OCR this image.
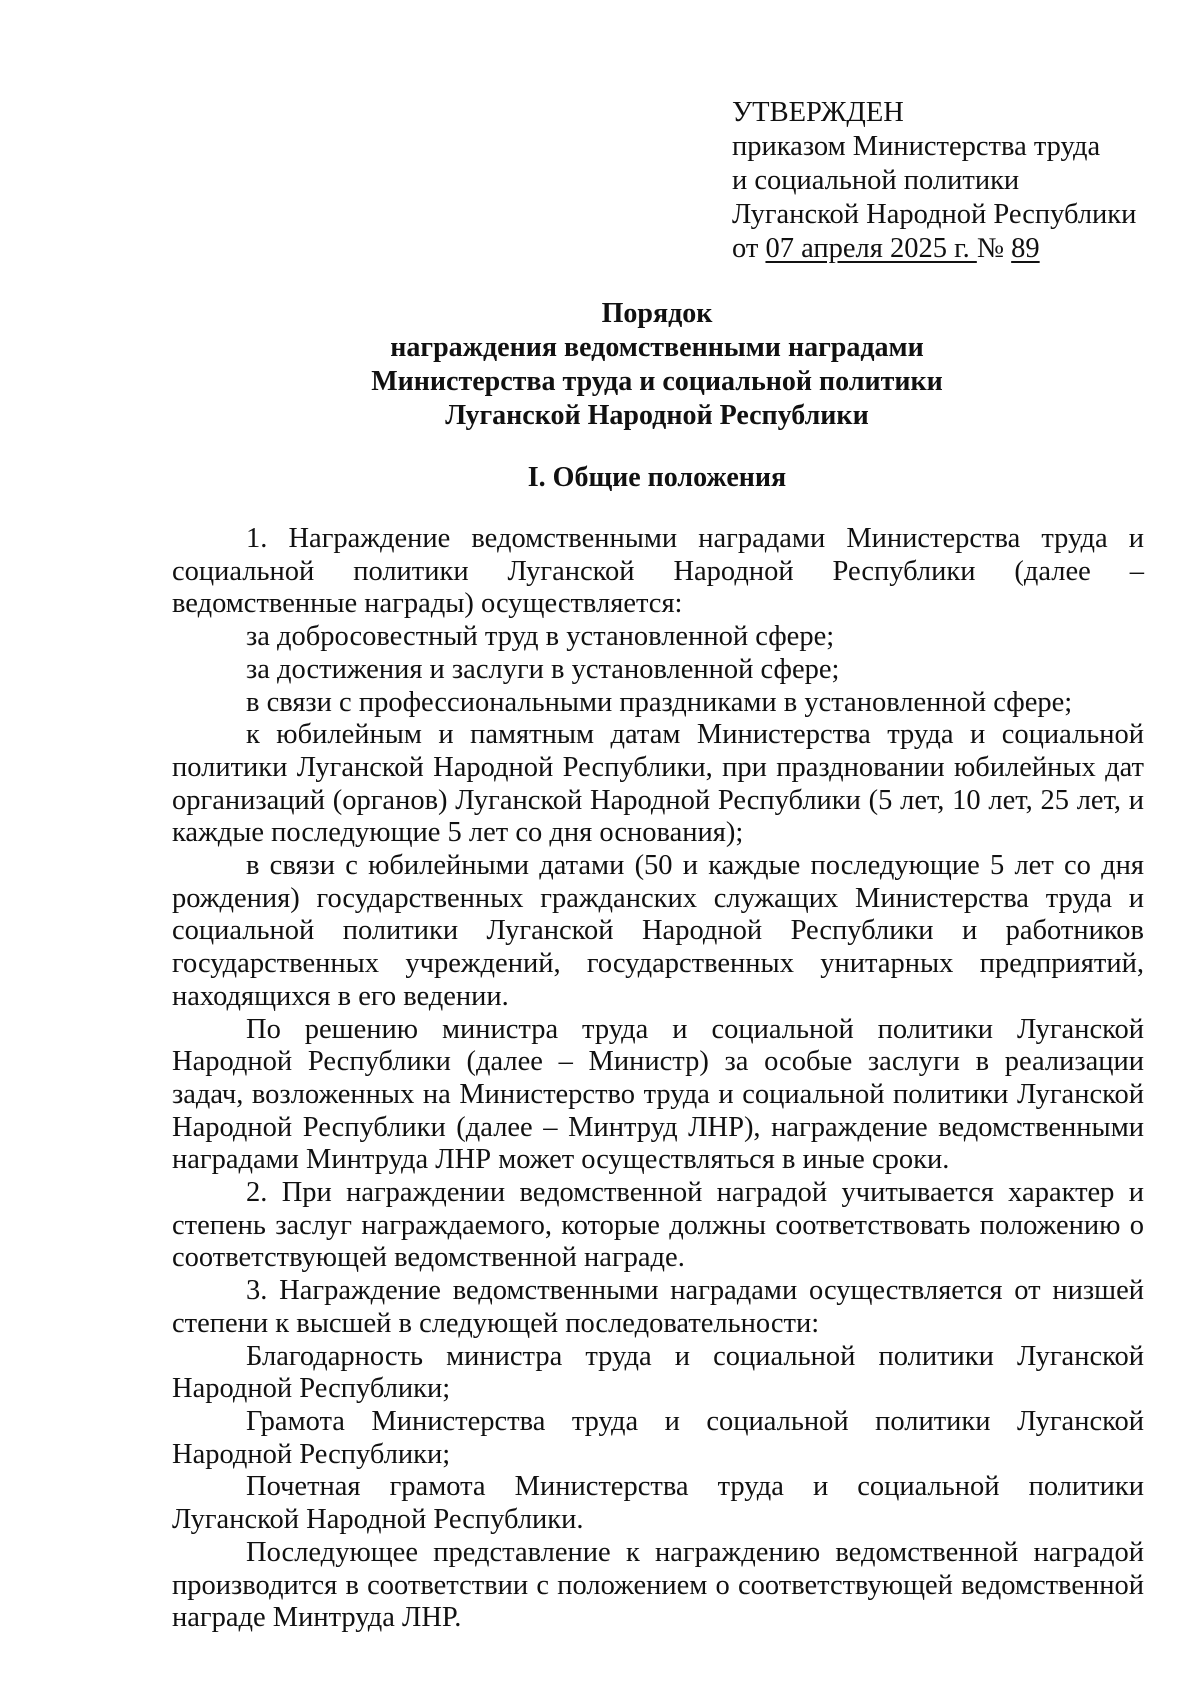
УТВЕРЖДЕН
приказом Министерства труда
и социальной политики
Луганской Народной Республики
от 07 апреля 2025 г. № 89
Порядок
награждения ведомственными наградами
Министерства труда и социальной политики
Луганской Народной Республики
I. Общие положения

1. Награждение ведомственными наградами Министерства труда и социальной политики Луганской Народной Республики (далее – ведомственные награды) осуществляется:

за добросовестный труд в установленной сфере;

за достижения и заслуги в установленной сфере;

в связи с профессиональными праздниками в установленной сфере;

к юбилейным и памятным датам Министерства труда и социальной политики Луганской Народной Республики, при праздновании юбилейных дат организаций (органов) Луганской Народной Республики (5 лет, 10 лет, 25 лет, и каждые последующие 5 лет со дня основания);

в связи с юбилейными датами (50 и каждые последующие 5 лет со дня рождения) государственных гражданских служащих Министерства труда и социальной политики Луганской Народной Республики и работников государственных учреждений, государственных унитарных предприятий, находящихся в его ведении.

По решению министра труда и социальной политики Луганской Народной Республики (далее – Министр) за особые заслуги в реализации задач, возложенных на Министерство труда и социальной политики Луганской Народной Республики (далее – Минтруд ЛНР), награждение ведомственными наградами Минтруда ЛНР может осуществляться в иные сроки.

2. При награждении ведомственной наградой учитывается характер и степень заслуг награждаемого, которые должны соответствовать положению о соответствующей ведомственной награде.

3. Награждение ведомственными наградами осуществляется от низшей степени к высшей в следующей последовательности:

Благодарность министра труда и социальной политики Луганской Народной Республики;

Грамота Министерства труда и социальной политики Луганской Народной Республики;

Почетная грамота Министерства труда и социальной политики Луганской Народной Республики.

Последующее представление к награждению ведомственной наградой производится в соответствии с положением о соответствующей ведомственной награде Минтруда ЛНР.
